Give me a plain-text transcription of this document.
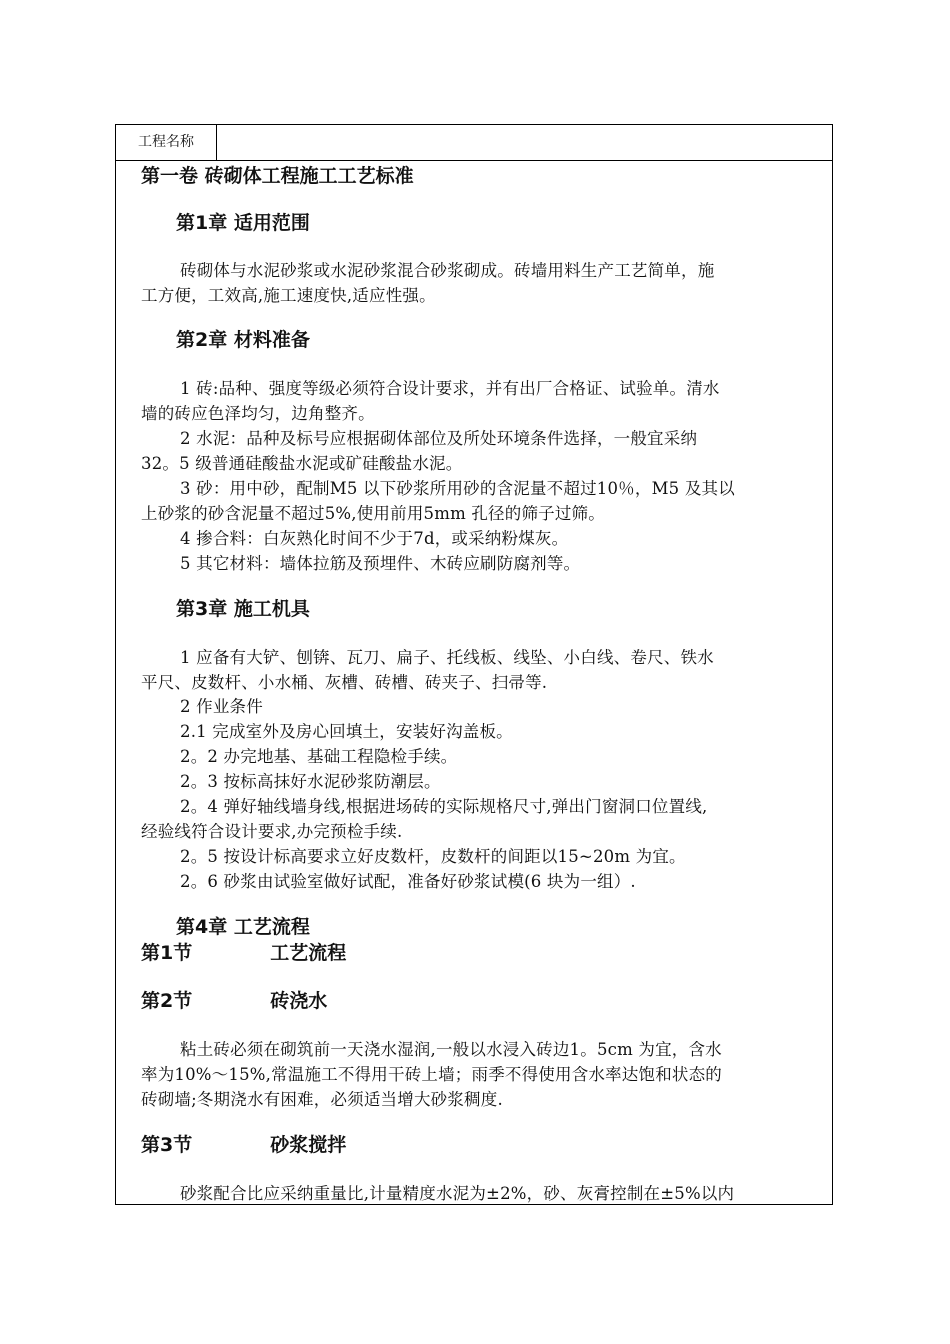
工程名称
第一卷 砖砌体工程施工工艺标准
第1章 适用范围
砖砌体与水泥砂浆或水泥砂浆混合砂浆砌成。砖墙用料生产工艺简单，施
工方便，工效高,施工速度快,适应性强。
第2章 材料准备
1 砖:品种、强度等级必须符合设计要求，并有出厂合格证、试验单。清水
墙的砖应色泽均匀，边角整齐。
2 水泥：品种及标号应根据砌体部位及所处环境条件选择，一般宜采纳
32。5 级普通硅酸盐水泥或矿硅酸盐水泥。
3 砂：用中砂，配制M5 以下砂浆所用砂的含泥量不超过10％，M5 及其以
上砂浆的砂含泥量不超过5%,使用前用5mm 孔径的筛子过筛。
4 掺合料：白灰熟化时间不少于7d，或采纳粉煤灰。
5 其它材料：墙体拉筋及预埋件、木砖应刷防腐剂等。
第3章 施工机具
1 应备有大铲、刨锛、瓦刀、扁子、托线板、线坠、小白线、卷尺、铁水
平尺、皮数杆、小水桶、灰槽、砖槽、砖夹子、扫帚等.
2 作业条件
2.1 完成室外及房心回填土，安装好沟盖板。
2。2 办完地基、基础工程隐检手续。
2。3 按标高抹好水泥砂浆防潮层。
2。4 弹好轴线墙身线,根据进场砖的实际规格尺寸,弹出门窗洞口位置线,
经验线符合设计要求,办完预检手续.
2。5 按设计标高要求立好皮数杆，皮数杆的间距以15~20m 为宜。
2。6 砂浆由试验室做好试配，准备好砂浆试模(6 块为一组）.
第4章 工艺流程
第1节	工艺流程
第2节	砖浇水
粘土砖必须在砌筑前一天浇水湿润,一般以水浸入砖边1。5cm 为宜，含水
率为10%～15%,常温施工不得用干砖上墙；雨季不得使用含水率达饱和状态的
砖砌墙;冬期浇水有困难，必须适当增大砂浆稠度.
第3节	砂浆搅拌
砂浆配合比应采纳重量比,计量精度水泥为±2%，砂、灰膏控制在±5%以内
